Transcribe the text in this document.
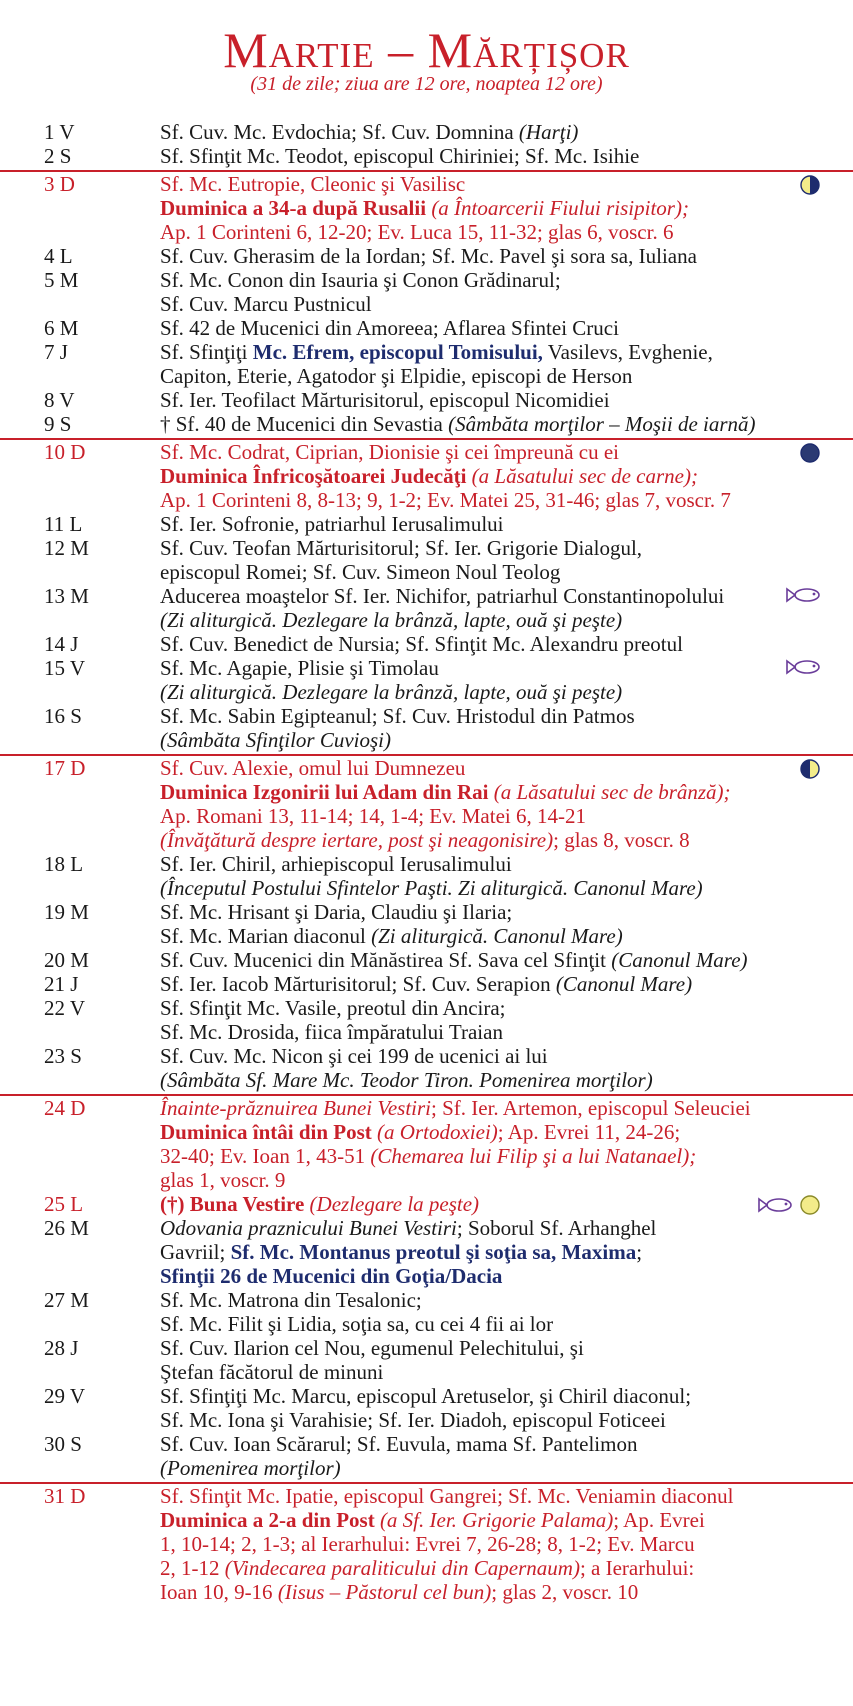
Martie – Mărțișor
(31 de zile; ziua are 12 ore, noaptea 12 ore)
1 V	Sf. Cuv. Mc. Evdochia; Sf. Cuv. Domnina (Harţi)
2 S	Sf. Sfinţit Mc. Teodot, episcopul Chiriniei; Sf. Mc. Isihie
3 D	Sf. Mc. Eutropie, Cleonic şi Vasilisc
Duminica a 34-a după Rusalii (a Întoarcerii Fiului risipitor);
Ap. 1 Corinteni 6, 12-20; Ev. Luca 15, 11-32; glas 6, voscr. 6
4 L	Sf. Cuv. Gherasim de la Iordan; Sf. Mc. Pavel şi sora sa, Iuliana
5 M	Sf. Mc. Conon din Isauria şi Conon Grădinarul;
Sf. Cuv. Marcu Pustnicul
6 M	Sf. 42 de Mucenici din Amoreea; Aflarea Sfintei Cruci
7 J	Sf. Sfinţiţi Mc. Efrem, episcopul Tomisului, Vasilevs, Evghenie,
Capiton, Eterie, Agatodor şi Elpidie, episcopi de Herson
8 V	Sf. Ier. Teofilact Mărturisitorul, episcopul Nicomidiei
9 S	† Sf. 40 de Mucenici din Sevastia (Sâmbăta morţilor – Moşii de iarnă)
10 D	Sf. Mc. Codrat, Ciprian, Dionisie şi cei împreună cu ei
Duminica Înfricoşătoarei Judecăţi (a Lăsatului sec de carne);
Ap. 1 Corinteni 8, 8-13; 9, 1-2; Ev. Matei 25, 31-46; glas 7, voscr. 7
11 L	Sf. Ier. Sofronie, patriarhul Ierusalimului
12 M	Sf. Cuv. Teofan Mărturisitorul; Sf. Ier. Grigorie Dialogul,
episcopul Romei; Sf. Cuv. Simeon Noul Teolog
13 M	Aducerea moaştelor Sf. Ier. Nichifor, patriarhul Constantinopolului
(Zi aliturgică. Dezlegare la brânză, lapte, ouă şi peşte)
14 J	Sf. Cuv. Benedict de Nursia; Sf. Sfinţit Mc. Alexandru preotul
15 V	Sf. Mc. Agapie, Plisie şi Timolau
(Zi aliturgică. Dezlegare la brânză, lapte, ouă şi peşte)
16 S	Sf. Mc. Sabin Egipteanul; Sf. Cuv. Hristodul din Patmos
(Sâmbăta Sfinţilor Cuvioşi)
17 D	Sf. Cuv. Alexie, omul lui Dumnezeu
Duminica Izgonirii lui Adam din Rai (a Lăsatului sec de brânză);
Ap. Romani 13, 11-14; 14, 1-4; Ev. Matei 6, 14-21
(Învăţătură despre iertare, post şi neagonisire); glas 8, voscr. 8
18 L	Sf. Ier. Chiril, arhiepiscopul Ierusalimului
(Începutul Postului Sfintelor Paşti. Zi aliturgică. Canonul Mare)
19 M	Sf. Mc. Hrisant şi Daria, Claudiu şi Ilaria;
Sf. Mc. Marian diaconul (Zi aliturgică. Canonul Mare)
20 M	Sf. Cuv. Mucenici din Mănăstirea Sf. Sava cel Sfinţit (Canonul Mare)
21 J	Sf. Ier. Iacob Mărturisitorul; Sf. Cuv. Serapion (Canonul Mare)
22 V	Sf. Sfinţit Mc. Vasile, preotul din Ancira;
Sf. Mc. Drosida, fiica împăratului Traian
23 S	Sf. Cuv. Mc. Nicon şi cei 199 de ucenici ai lui
(Sâmbăta Sf. Mare Mc. Teodor Tiron. Pomenirea morţilor)
24 D	Înainte-prăznuirea Bunei Vestiri; Sf. Ier. Artemon, episcopul Seleuciei
Duminica întâi din Post (a Ortodoxiei); Ap. Evrei 11, 24-26;
32-40; Ev. Ioan 1, 43-51 (Chemarea lui Filip şi a lui Natanael);
glas 1, voscr. 9
25 L	(†) Buna Vestire (Dezlegare la peşte)
26 M	Odovania praznicului Bunei Vestiri; Soborul Sf. Arhanghel
Gavriil; Sf. Mc. Montanus preotul şi soţia sa, Maxima;
Sfinţii 26 de Mucenici din Goţia/Dacia
27 M	Sf. Mc. Matrona din Tesalonic;
Sf. Mc. Filit şi Lidia, soţia sa, cu cei 4 fii ai lor
28 J	Sf. Cuv. Ilarion cel Nou, egumenul Pelechitului, şi
Ştefan făcătorul de minuni
29 V	Sf. Sfinţiţi Mc. Marcu, episcopul Aretuselor, şi Chiril diaconul;
Sf. Mc. Iona şi Varahisie; Sf. Ier. Diadoh, episcopul Foticeei
30 S	Sf. Cuv. Ioan Scărarul; Sf. Euvula, mama Sf. Pantelimon
(Pomenirea morţilor)
31 D	Sf. Sfinţit Mc. Ipatie, episcopul Gangrei; Sf. Mc. Veniamin diaconul
Duminica a 2-a din Post (a Sf. Ier. Grigorie Palama); Ap. Evrei
1, 10-14; 2, 1-3; al Ierarhului: Evrei 7, 26-28; 8, 1-2; Ev. Marcu
2, 1-12 (Vindecarea paraliticului din Capernaum); a Ierarhului:
Ioan 10, 9-16 (Iisus – Păstorul cel bun); glas 2, voscr. 10
